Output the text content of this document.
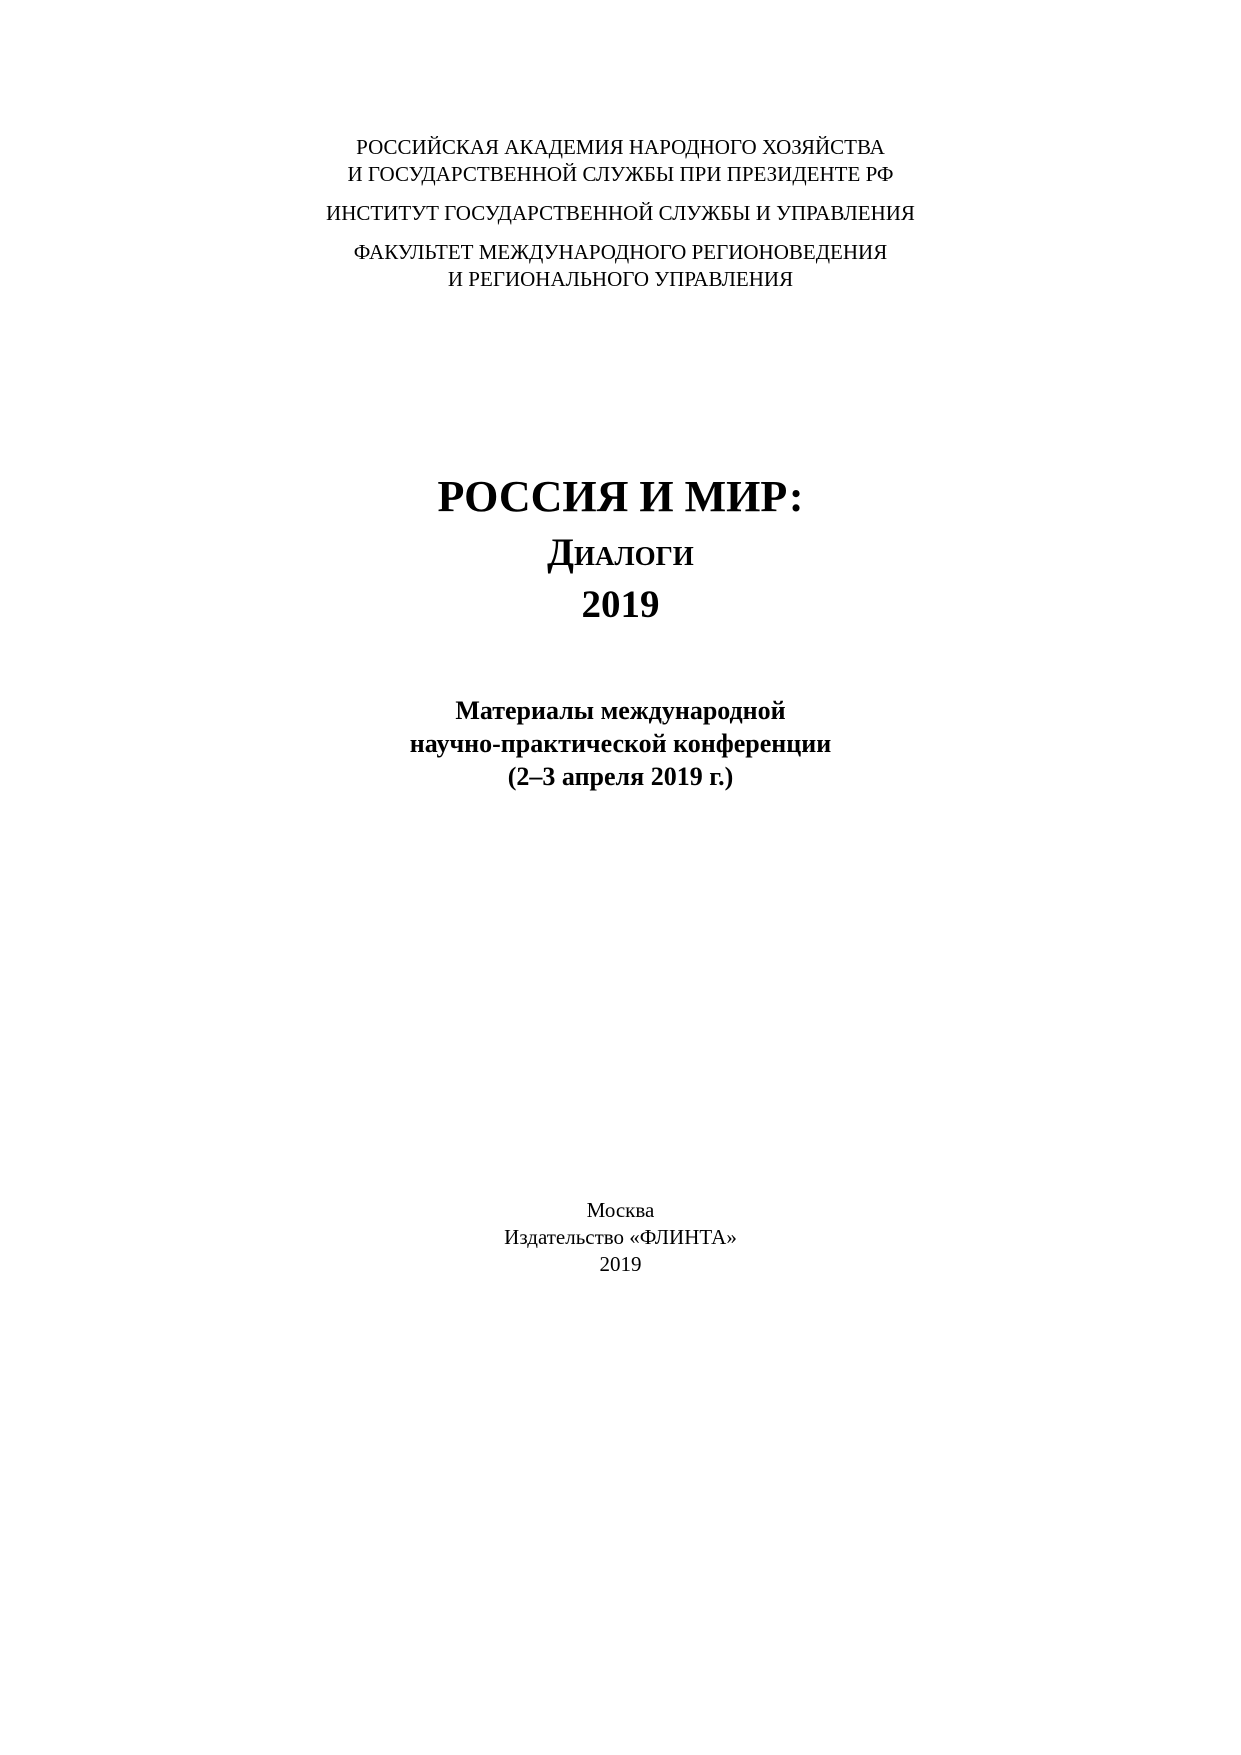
РОССИЙСКАЯ АКАДЕМИЯ НАРОДНОГО ХОЗЯЙСТВА
И ГОСУДАРСТВЕННОЙ СЛУЖБЫ ПРИ ПРЕЗИДЕНТЕ РФ
ИНСТИТУТ ГОСУДАРСТВЕННОЙ СЛУЖБЫ И УПРАВЛЕНИЯ
ФАКУЛЬТЕТ МЕЖДУНАРОДНОГО РЕГИОНОВЕДЕНИЯ
И РЕГИОНАЛЬНОГО УПРАВЛЕНИЯ
РОССИЯ И МИР:
Диалоги
2019
Материалы международной
научно-практической конференции
(2–3 апреля 2019 г.)
Москва
Издательство «ФЛИНТА»
2019
